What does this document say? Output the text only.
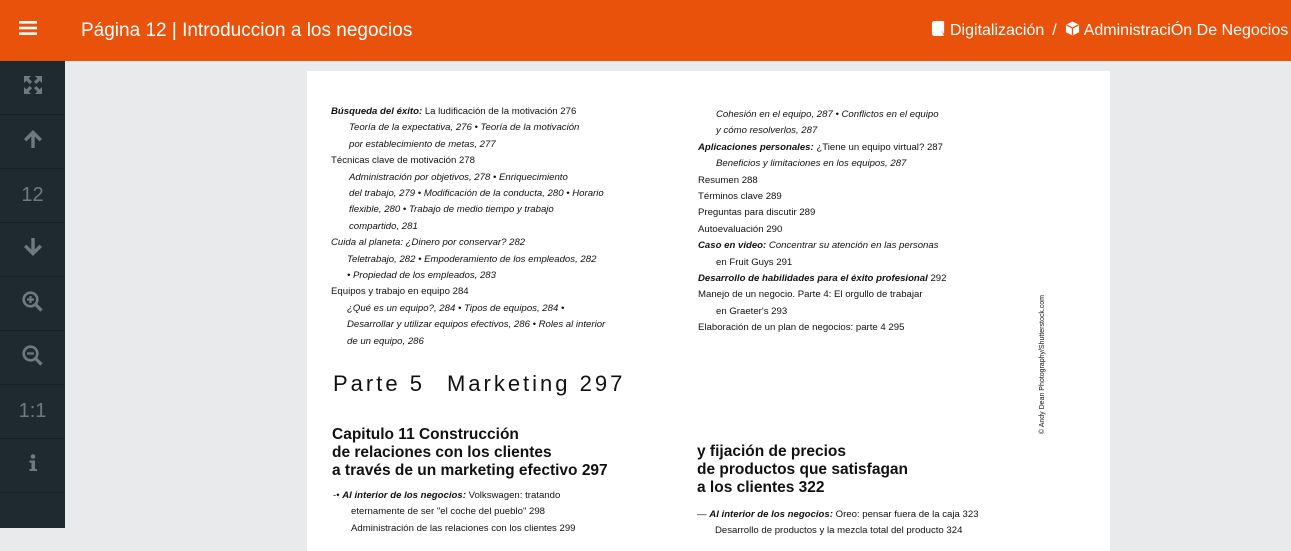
Página 12 | Introduccion a los negocios	Digitalización / AdministraciÓn De Negocios
12
1:1
Búsqueda del éxito: La ludificación de la motivación 276
Teoría de la expectativa, 276 • Teoría de la motivación
por establecimiento de metas, 277
Técnicas clave de motivación 278
Administración por objetivos, 278 • Enriquecimiento
del trabajo, 279 • Modificación de la conducta, 280 • Horario
flexible, 280 • Trabajo de medio tiempo y trabajo
compartido, 281
Cuida al planeta: ¿Dinero por conservar? 282
Teletrabajo, 282 • Empoderamiento de los empleados, 282
• Propiedad de los empleados, 283
Equipos y trabajo en equipo 284
¿Qué es un equipo?, 284 • Tipos de equipos, 284 •
Desarrollar y utilizar equipos efectivos, 286 • Roles al interior
de un equipo, 286
Cohesión en el equipo, 287 • Conflictos en el equipo
y cómo resolverlos, 287
Aplicaciones personales: ¿Tiene un equipo virtual? 287
Beneficios y limitaciones en los equipos, 287
Resumen 288
Términos clave 289
Preguntas para discutir 289
Autoevaluación 290
Caso en video: Concentrar su atención en las personas
en Fruit Guys 291
Desarrollo de habilidades para el éxito profesional 292
Manejo de un negocio. Parte 4: El orgullo de trabajar
en Graeter's 293
Elaboración de un plan de negocios: parte 4 295	© Andy Dean Photography/Shutterstock.com
Parte 5 Marketing 297
Capitulo 11 Construcción
de relaciones con los clientes
a través de un marketing efectivo 297
y fijación de precios
de productos que satisfagan
a los clientes 322
-• Al interior de los negocios: Volkswagen: tratando
eternamente de ser "el coche del pueblo" 298
Administración de las relaciones con los clientes 299
— Al interior de los negocios: Oreo: pensar fuera de la caja 323
Desarrollo de productos y la mezcla total del producto 324
